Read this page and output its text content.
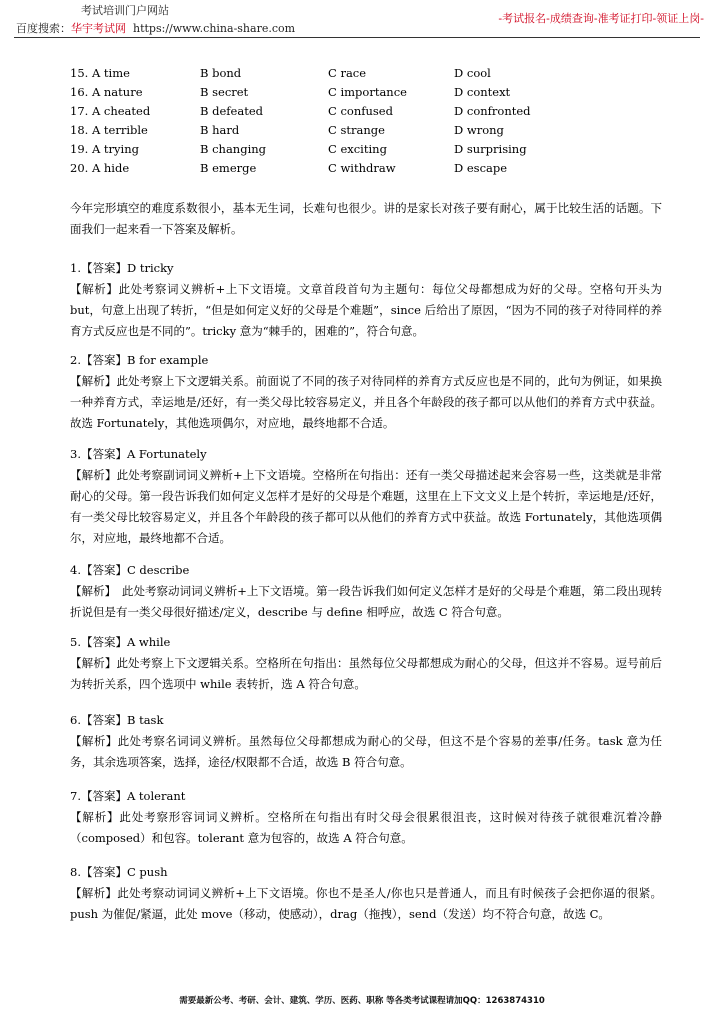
考试培训门户网站
百度搜索：华宇考试网 https://www.china-share.com
-考试报名-成绩查询-准考证打印-领证上岗-
15. A time	B bond	C race	D cool
16. A nature	B secret	C importance	D context
17. A cheated	B defeated	C confused	D confronted
18. A terrible	B hard	C strange	D wrong
19. A trying	B changing	C exciting	D surprising
20. A hide	B emerge	C withdraw	D escape
今年完形填空的难度系数很小，基本无生词，长难句也很少。讲的是家长对孩子要有耐心，属于比较生活的话题。下面我们一起来看一下答案及解析。
1.【答案】D tricky
【解析】此处考察词义辨析+上下文语境。文章首段首句为主题句：每位父母都想成为好的父母。空格句开头为 but，句意上出现了转折，“但是如何定义好的父母是个难题”，since 后给出了原因，“因为不同的孩子对待同样的养育方式反应也是不同的”。tricky 意为“棘手的，困难的”，符合句意。
2.【答案】B for example
【解析】此处考察上下文逻辑关系。前面说了不同的孩子对待同样的养育方式反应也是不同的，此句为例证，如果换一种养育方式，幸运地是/还好，有一类父母比较容易定义，并且各个年龄段的孩子都可以从他们的养育方式中获益。故选 Fortunately，其他选项偶尔，对应地，最终地都不合适。
3.【答案】A Fortunately
【解析】此处考察副词词义辨析+上下文语境。空格所在句指出：还有一类父母描述起来会容易一些，这类就是非常耐心的父母。第一段告诉我们如何定义怎样才是好的父母是个难题，这里在上下文文义上是个转折，幸运地是/还好，有一类父母比较容易定义，并且各个年龄段的孩子都可以从他们的养育方式中获益。故选 Fortunately，其他选项偶尔，对应地，最终地都不合适。
4.【答案】C describe
【解析】　此处考察动词词义辨析+上下文语境。第一段告诉我们如何定义怎样才是好的父母是个难题，第二段出现转折说但是有一类父母很好描述/定义，describe 与 define 相呼应，故选 C 符合句意。
5.【答案】A while
【解析】此处考察上下文逻辑关系。空格所在句指出：虽然每位父母都想成为耐心的父母，但这并不容易。逗号前后为转折关系，四个选项中 while 表转折，选 A 符合句意。
6.【答案】B task
【解析】此处考察名词词义辨析。虽然每位父母都想成为耐心的父母，但这不是个容易的差事/任务。task 意为任务，其余选项答案，选择，途径/权限都不合适，故选 B 符合句意。
7.【答案】A tolerant
【解析】此处考察形容词词义辨析。空格所在句指出有时父母会很累很沮丧，这时候对待孩子就很难沉着冷静（composed）和包容。tolerant 意为包容的，故选 A 符合句意。
8.【答案】C push
【解析】此处考察动词词义辨析+上下文语境。你也不是圣人/你也只是普通人，而且有时候孩子会把你逼的很紧。push 为催促/紧逼，此处 move（移动，使感动），drag（拖拽），send（发送）均不符合句意，故选 C。
需要最新公考、考研、会计、建筑、学历、医药、职称 等各类考试课程请加QQ：1263874310
